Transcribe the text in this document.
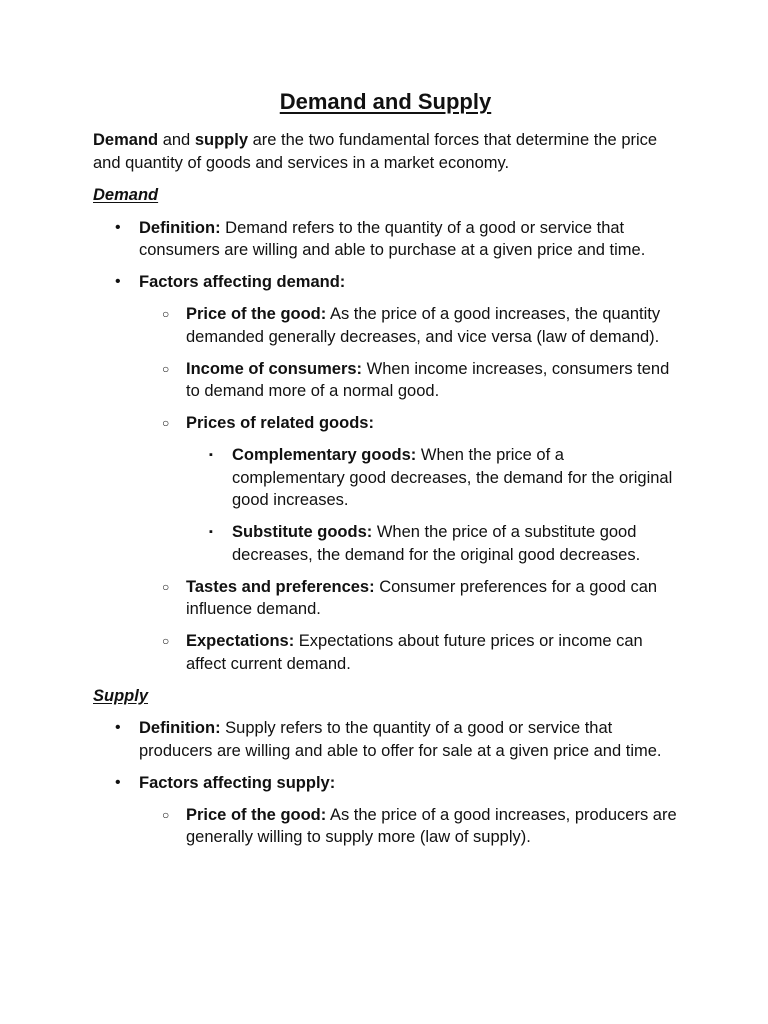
Demand and Supply

Demand and supply are the two fundamental forces that determine the price and quantity of goods and services in a market economy.

Demand
• Definition: Demand refers to the quantity of a good or service that consumers are willing and able to purchase at a given price and time.
• Factors affecting demand:
○ Price of the good: As the price of a good increases, the quantity demanded generally decreases, and vice versa (law of demand).
○ Income of consumers: When income increases, consumers tend to demand more of a normal good.
○ Prices of related goods:
▪ Complementary goods: When the price of a complementary good decreases, the demand for the original good increases.
▪ Substitute goods: When the price of a substitute good decreases, the demand for the original good decreases.
○ Tastes and preferences: Consumer preferences for a good can influence demand.
○ Expectations: Expectations about future prices or income can affect current demand.
Supply
• Definition: Supply refers to the quantity of a good or service that producers are willing and able to offer for sale at a given price and time.
• Factors affecting supply:
○ Price of the good: As the price of a good increases, producers are generally willing to supply more (law of supply).
